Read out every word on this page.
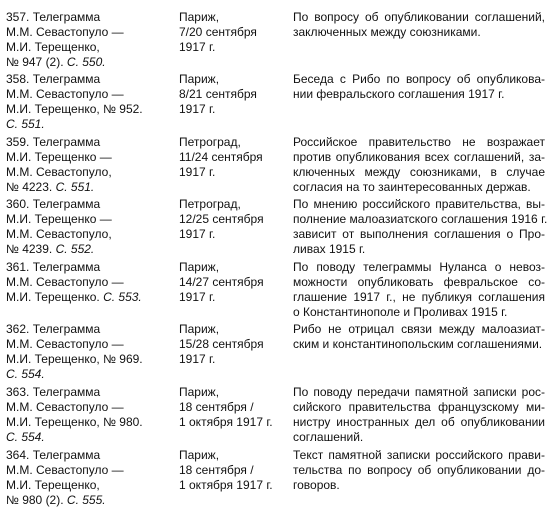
357. Телеграмма
М.М. Севастопуло —
М.И. Терещенко,
№ 947 (2). С. 550.
Париж,
7/20 сентября
1917 г.
По вопросу об опубликовании соглашений,
заключенных между союзниками.
358. Телеграмма
М.М. Севастопуло —
М.И. Терещенко, № 952.
С. 551.
Париж,
8/21 сентября
1917 г.
Беседа с Рибо по вопросу об опубликова-
нии февральского соглашения 1917 г.
359. Телеграмма
М.И. Терещенко —
М.М. Севастопуло,
№ 4223. С. 551.
Петроград,
11/24 сентября
1917 г.
Российское правительство не возражает
против опубликования всех соглашений, за-
ключенных между союзниками, в случае
согласия на то заинтересованных держав.
360. Телеграмма
М.И. Терещенко —
М.М. Севастопуло,
№ 4239. С. 552.
Петроград,
12/25 сентября
1917 г.
По мнению российского правительства, вы-
полнение малоазиатского соглашения 1916 г.
зависит от выполнения соглашения о Про-
ливах 1915 г.
361. Телеграмма
М.М. Севастопуло —
М.И. Терещенко. С. 553.
Париж,
14/27 сентября
1917 г.
По поводу телеграммы Нуланса о невоз-
можности опубликовать февральское со-
глашение 1917 г., не публикуя соглашения
о Константинополе и Проливах 1915 г.
362. Телеграмма
М.М. Севастопуло —
М.И. Терещенко, № 969.
С. 554.
Париж,
15/28 сентября
1917 г.
Рибо не отрицал связи между малоазиат-
ским и константинопольским соглашениями.
363. Телеграмма
М.М. Севастопуло —
М.И. Терещенко, № 980.
С. 554.
Париж,
18 сентября /
1 октября 1917 г.
По поводу передачи памятной записки рос-
сийского правительства французскому ми-
нистру иностранных дел об опубликовании
соглашений.
364. Телеграмма
М.М. Севастопуло —
М.И. Терещенко,
№ 980 (2). С. 555.
Париж,
18 сентября /
1 октября 1917 г.
Текст памятной записки российского прави-
тельства по вопросу об опубликовании до-
говоров.
